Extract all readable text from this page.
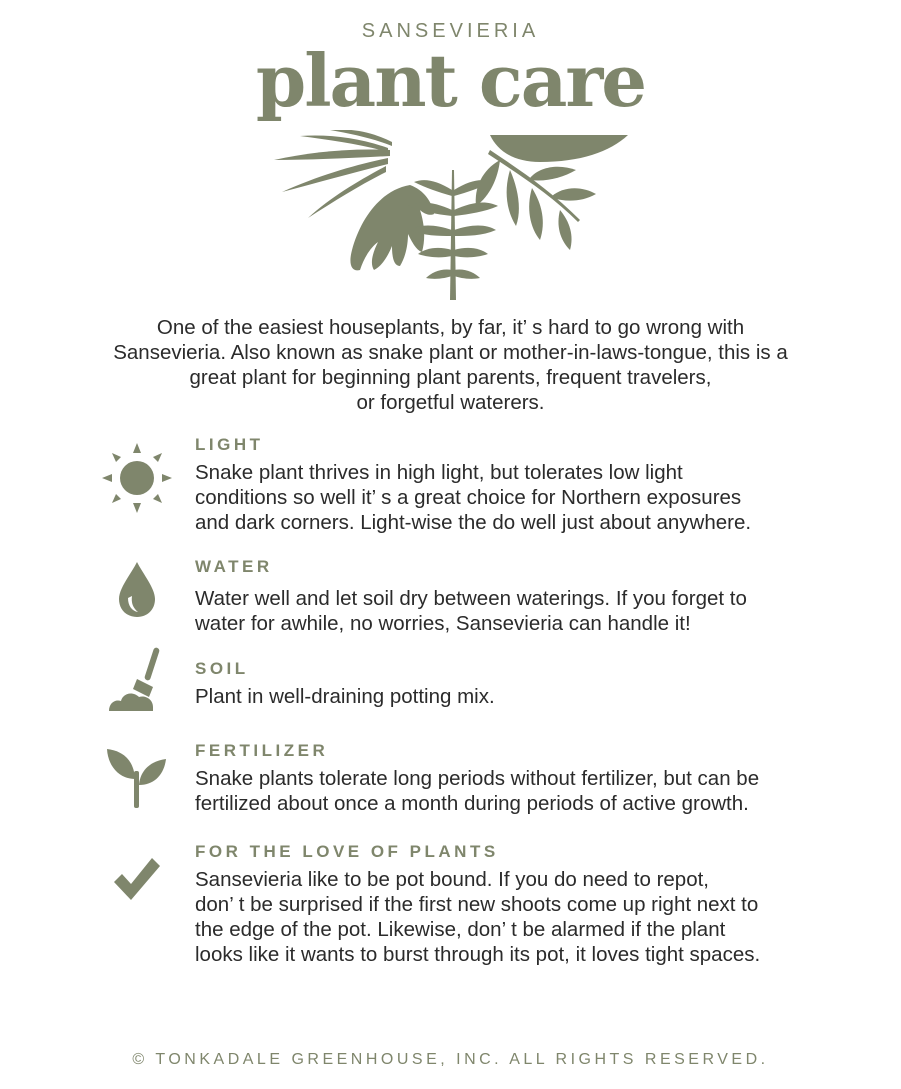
SANSEVIERIA
plant care
One of the easiest houseplants, by far, it’ s hard to go wrong with
Sansevieria. Also known as snake plant or mother-in-laws-tongue, this is a
great plant for beginning plant parents, frequent travelers,
or forgetful waterers.
LIGHT
Snake plant thrives in high light, but tolerates low light
conditions so well it’ s a great choice for Northern exposures
and dark corners. Light-wise the do well just about anywhere.
WATER
Water well and let soil dry between waterings. If you forget to
water for awhile, no worries, Sansevieria can handle it!
SOIL
Plant in well-draining potting mix.
FERTILIZER
Snake plants tolerate long periods without fertilizer, but can be
fertilized about once a month during periods of active growth.
FOR THE LOVE OF PLANTS
Sansevieria like to be pot bound. If you do need to repot,
don’ t be surprised if the first new shoots come up right next to
the edge of the pot. Likewise, don’ t be alarmed if the plant
looks like it wants to burst through its pot, it loves tight spaces.
© TONKADALE GREENHOUSE, INC. ALL RIGHTS RESERVED.
